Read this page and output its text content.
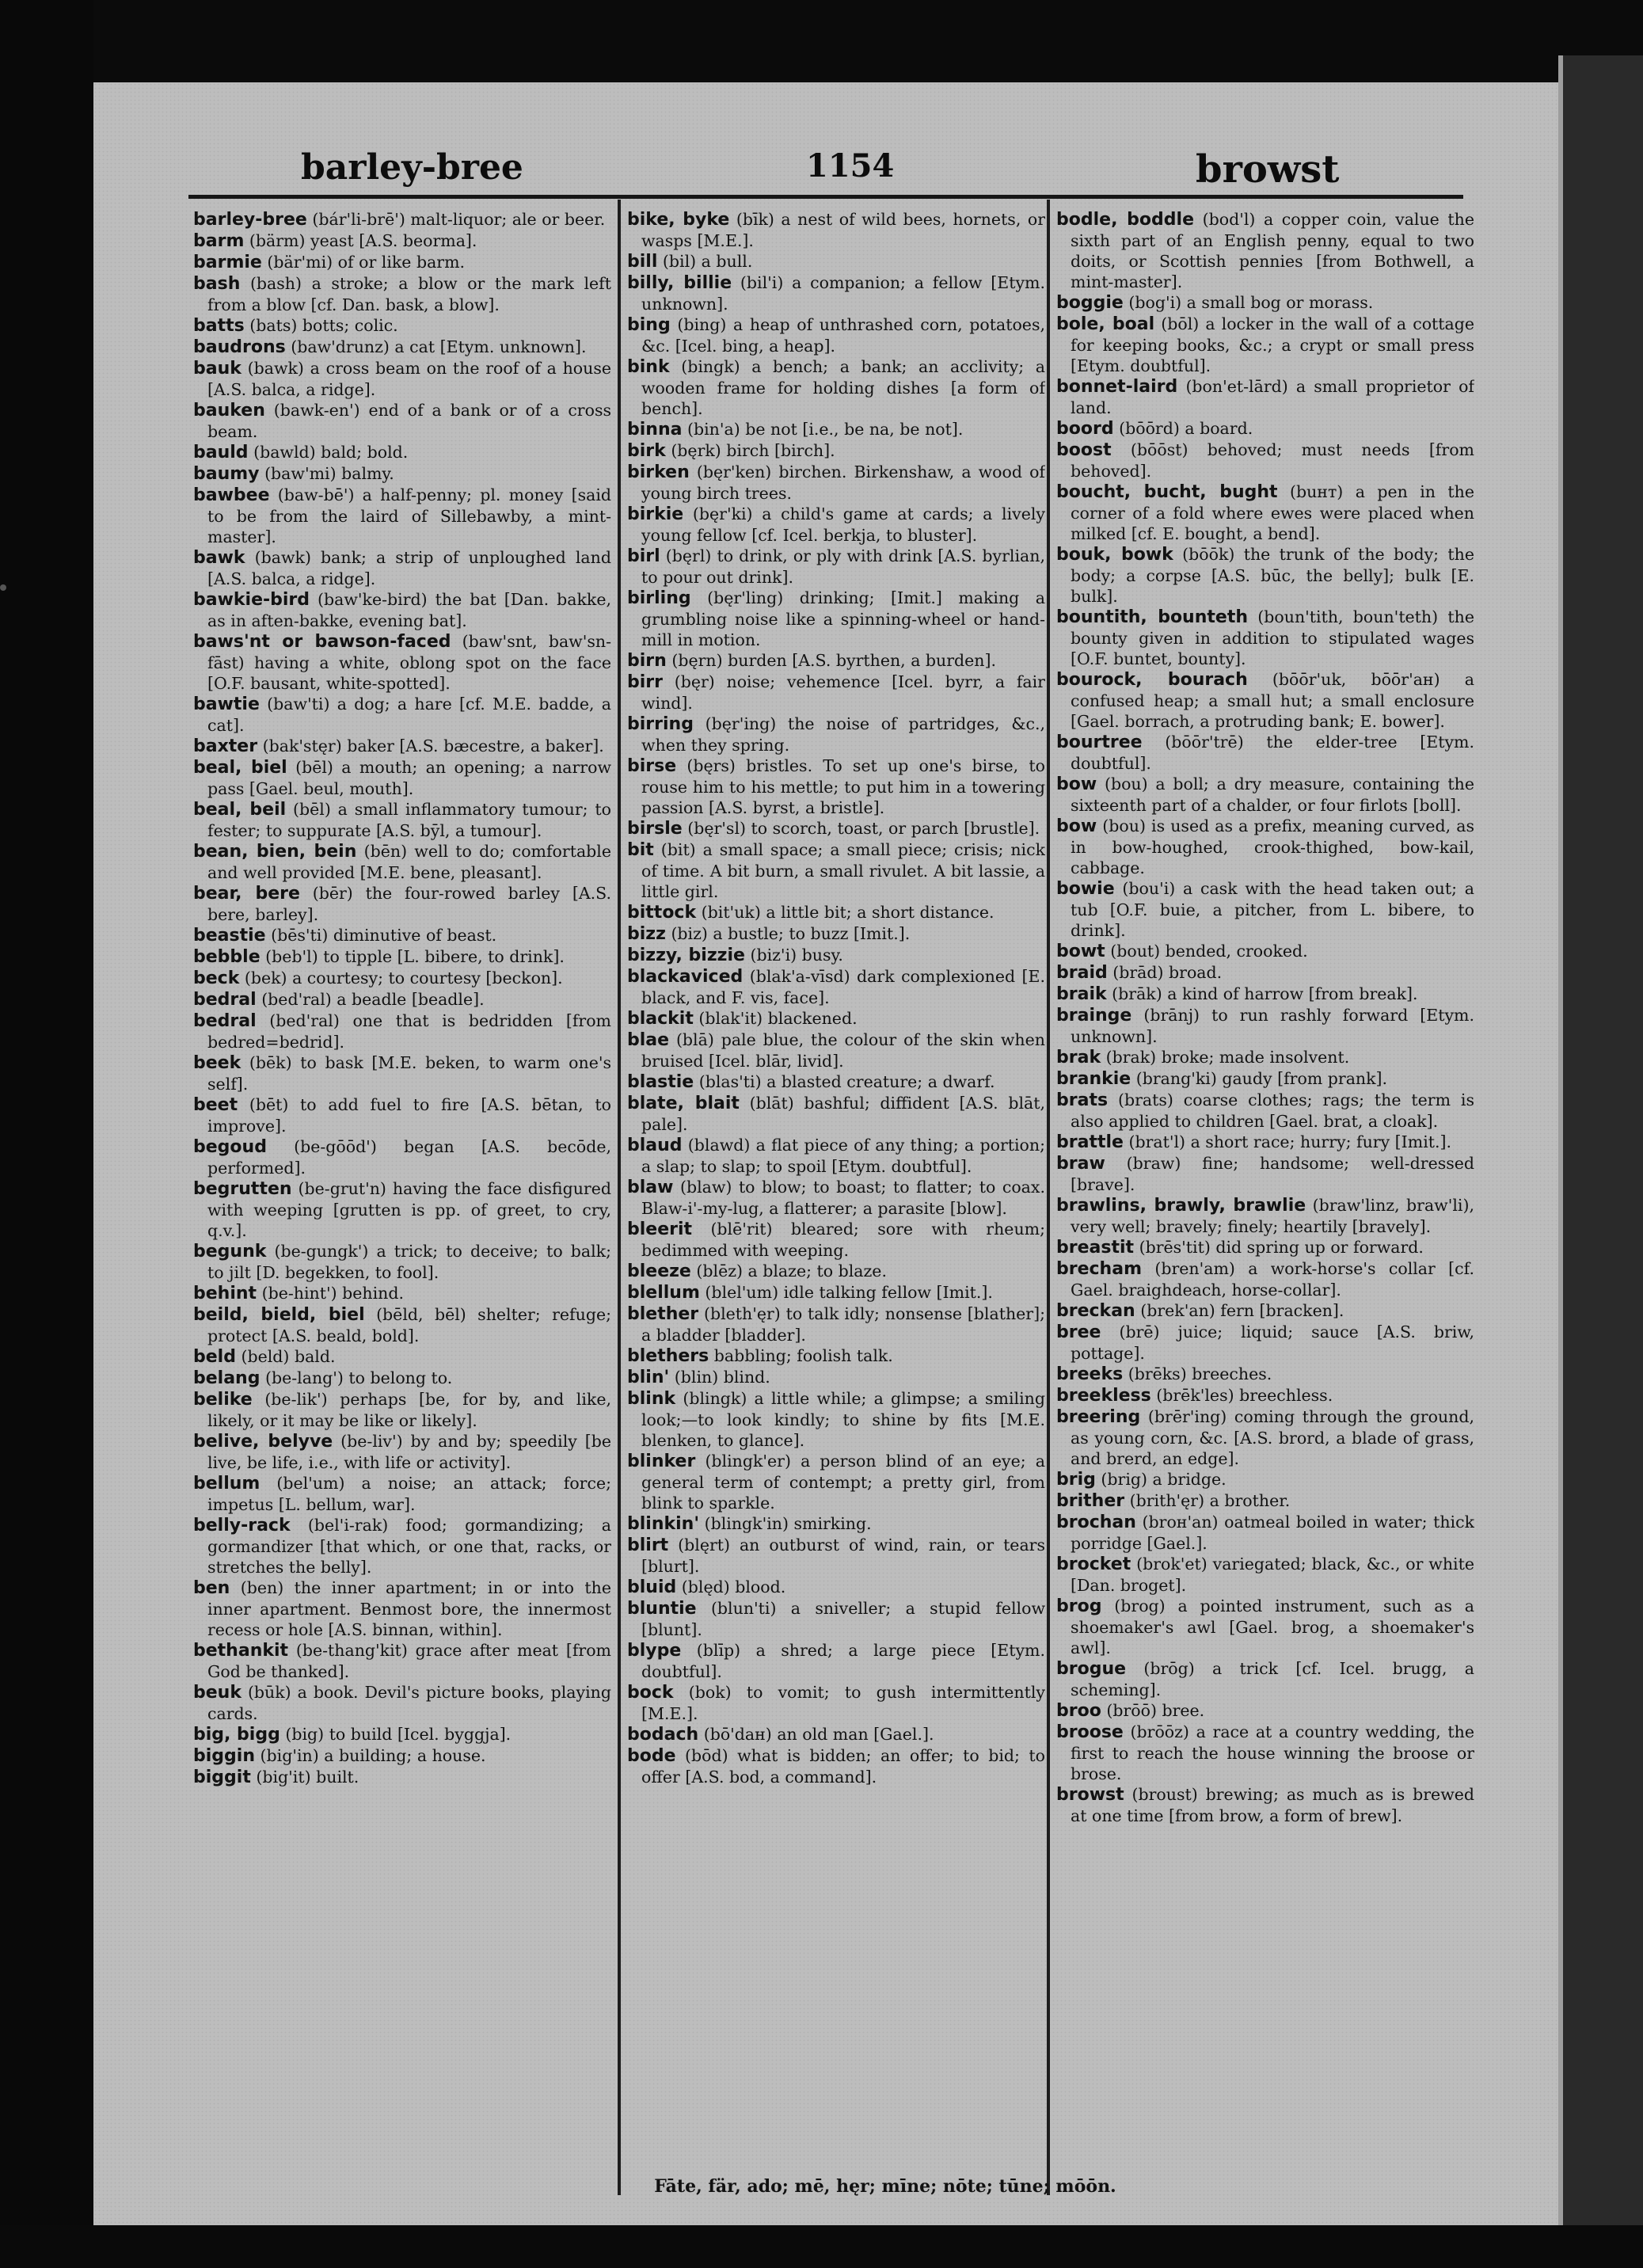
barley-bree	1154	browst

barley-bree (bár'li-brē') malt-liquor; ale or beer.

barm (bärm) yeast [A.S. beorma].

barmie (bär'mi) of or like barm.

bash (bash) a stroke; a blow or the mark left from a blow [cf. Dan. bask, a blow].

batts (bats) botts; colic.

baudrons (baw'drunz) a cat [Etym. unknown].

bauk (bawk) a cross beam on the roof of a house [A.S. balca, a ridge].

bauken (bawk-en') end of a bank or of a cross beam.

bauld (bawld) bald; bold.

baumy (baw'mi) balmy.

bawbee (baw-bē') a half-penny; pl. money [said to be from the laird of Sillebawby, a mint-master].

bawk (bawk) bank; a strip of unploughed land [A.S. balca, a ridge].

bawkie-bird (baw'ke-bird) the bat [Dan. bakke, as in aften-bakke, evening bat].

baws'nt or bawson-faced (baw'snt, baw'sn-fāst) having a white, oblong spot on the face [O.F. bausant, white-spotted].

bawtie (baw'ti) a dog; a hare [cf. M.E. badde, a cat].

baxter (bak'stęr) baker [A.S. bæcestre, a baker].

beal, biel (bēl) a mouth; an opening; a narrow pass [Gael. beul, mouth].

beal, beil (bēl) a small inflammatory tumour; to fester; to suppurate [A.S. bȳl, a tumour].

bean, bien, bein (bēn) well to do; comfortable and well provided [M.E. bene, pleasant].

bear, bere (bēr) the four-rowed barley [A.S. bere, barley].

beastie (bēs'ti) diminutive of beast.

bebble (beb'l) to tipple [L. bibere, to drink].

beck (bek) a courtesy; to courtesy [beckon].

bedral (bed'ral) a beadle [beadle].

bedral (bed'ral) one that is bedridden [from bedred=bedrid].

beek (bēk) to bask [M.E. beken, to warm one's self].

beet (bēt) to add fuel to fire [A.S. bētan, to improve].

begoud (be-gōōd') began [A.S. becōde, performed].

begrutten (be-grut'n) having the face disfigured with weeping [grutten is pp. of greet, to cry, q.v.].

begunk (be-gungk') a trick; to deceive; to balk; to jilt [D. begekken, to fool].

behint (be-hint') behind.

beild, bield, biel (bēld, bēl) shelter; refuge; protect [A.S. beald, bold].

beld (beld) bald.

belang (be-lang') to belong to.

belike (be-lik') perhaps [be, for by, and like, likely, or it may be like or likely].

belive, belyve (be-liv') by and by; speedily [be live, be life, i.e., with life or activity].

bellum (bel'um) a noise; an attack; force; impetus [L. bellum, war].

belly-rack (bel'i-rak) food; gormandizing; a gormandizer [that which, or one that, racks, or stretches the belly].

ben (ben) the inner apartment; in or into the inner apartment. Benmost bore, the innermost recess or hole [A.S. binnan, within].

bethankit (be-thang'kit) grace after meat [from God be thanked].

beuk (būk) a book. Devil's picture books, playing cards.

big, bigg (big) to build [Icel. byggja].

biggin (big'in) a building; a house.

biggit (big'it) built.

bike, byke (bīk) a nest of wild bees, hornets, or wasps [M.E.].

bill (bil) a bull.

billy, billie (bil'i) a companion; a fellow [Etym. unknown].

bing (bing) a heap of unthrashed corn, potatoes, &c. [Icel. bing, a heap].

bink (bingk) a bench; a bank; an acclivity; a wooden frame for holding dishes [a form of bench].

binna (bin'a) be not [i.e., be na, be not].

birk (bęrk) birch [birch].

birken (bęr'ken) birchen. Birkenshaw, a wood of young birch trees.

birkie (bęr'ki) a child's game at cards; a lively young fellow [cf. Icel. berkja, to bluster].

birl (bęrl) to drink, or ply with drink [A.S. byrlian, to pour out drink].

birling (bęr'ling) drinking; [Imit.] making a grumbling noise like a spinning-wheel or hand-mill in motion.

birn (bęrn) burden [A.S. byrthen, a burden].

birr (bęr) noise; vehemence [Icel. byrr, a fair wind].

birring (bęr'ing) the noise of partridges, &c., when they spring.

birse (bęrs) bristles. To set up one's birse, to rouse him to his mettle; to put him in a towering passion [A.S. byrst, a bristle].

birsle (bęr'sl) to scorch, toast, or parch [brustle].

bit (bit) a small space; a small piece; crisis; nick of time. A bit burn, a small rivulet. A bit lassie, a little girl.

bittock (bit'uk) a little bit; a short distance.

bizz (biz) a bustle; to buzz [Imit.].

bizzy, bizzie (biz'i) busy.

blackaviced (blak'a-vīsd) dark complexioned [E. black, and F. vis, face].

blackit (blak'it) blackened.

blae (blā) pale blue, the colour of the skin when bruised [Icel. blār, livid].

blastie (blas'ti) a blasted creature; a dwarf.

blate, blait (blāt) bashful; diffident [A.S. blāt, pale].

blaud (blawd) a flat piece of any thing; a portion; a slap; to slap; to spoil [Etym. doubtful].

blaw (blaw) to blow; to boast; to flatter; to coax. Blaw-i'-my-lug, a flatterer; a parasite [blow].

bleerit (blē'rit) bleared; sore with rheum; bedimmed with weeping.

bleeze (blēz) a blaze; to blaze.

blellum (blel'um) idle talking fellow [Imit.].

blether (bleth'ęr) to talk idly; nonsense [blather]; a bladder [bladder].

blethers babbling; foolish talk.

blin' (blin) blind.

blink (blingk) a little while; a glimpse; a smiling look;—to look kindly; to shine by fits [M.E. blenken, to glance].

blinker (blingk'er) a person blind of an eye; a general term of contempt; a pretty girl, from blink to sparkle.

blinkin' (blingk'in) smirking.

blirt (blęrt) an outburst of wind, rain, or tears [blurt].

bluid (blęd) blood.

bluntie (blun'ti) a sniveller; a stupid fellow [blunt].

blype (blīp) a shred; a large piece [Etym. doubtful].

bock (bok) to vomit; to gush intermittently [M.E.].

bodach (bō'daн) an old man [Gael.].

bode (bōd) what is bidden; an offer; to bid; to offer [A.S. bod, a command].

bodle, boddle (bod'l) a copper coin, value the sixth part of an English penny, equal to two doits, or Scottish pennies [from Bothwell, a mint-master].

boggie (bog'i) a small bog or morass.

bole, boal (bōl) a locker in the wall of a cottage for keeping books, &c.; a crypt or small press [Etym. doubtful].

bonnet-laird (bon'et-lārd) a small proprietor of land.

boord (bōōrd) a board.

boost (bōōst) behoved; must needs [from behoved].

boucht, bucht, bught (buнт) a pen in the corner of a fold where ewes were placed when milked [cf. E. bought, a bend].

bouk, bowk (bōōk) the trunk of the body; the body; a corpse [A.S. būc, the belly]; bulk [E. bulk].

bountith, bounteth (boun'tith, boun'teth) the bounty given in addition to stipulated wages [O.F. buntet, bounty].

bourock, bourach (bōōr'uk, bōōr'aн) a confused heap; a small hut; a small enclosure [Gael. borrach, a protruding bank; E. bower].

bourtree (bōōr'trē) the elder-tree [Etym. doubtful].

bow (bou) a boll; a dry measure, containing the sixteenth part of a chalder, or four firlots [boll].

bow (bou) is used as a prefix, meaning curved, as in bow-houghed, crook-thighed, bow-kail, cabbage.

bowie (bou'i) a cask with the head taken out; a tub [O.F. buie, a pitcher, from L. bibere, to drink].

bowt (bout) bended, crooked.

braid (brād) broad.

braik (brāk) a kind of harrow [from break].

brainge (brānj) to run rashly forward [Etym. unknown].

brak (brak) broke; made insolvent.

brankie (brang'ki) gaudy [from prank].

brats (brats) coarse clothes; rags; the term is also applied to children [Gael. brat, a cloak].

brattle (brat'l) a short race; hurry; fury [Imit.].

braw (braw) fine; handsome; well-dressed [brave].

brawlins, brawly, brawlie (braw'linz, braw'li), very well; bravely; finely; heartily [bravely].

breastit (brēs'tit) did spring up or forward.

brecham (bren'am) a work-horse's collar [cf. Gael. braighdeach, horse-collar].

breckan (brek'an) fern [bracken].

bree (brē) juice; liquid; sauce [A.S. briw, pottage].

breeks (brēks) breeches.

breekless (brēk'les) breechless.

breering (brēr'ing) coming through the ground, as young corn, &c. [A.S. brord, a blade of grass, and brerd, an edge].

brig (brig) a bridge.

brither (brith'ęr) a brother.

brochan (broн'an) oatmeal boiled in water; thick porridge [Gael.].

brocket (brok'et) variegated; black, &c., or white [Dan. broget].

brog (brog) a pointed instrument, such as a shoemaker's awl [Gael. brog, a shoemaker's awl].

brogue (brōg) a trick [cf. Icel. brugg, a scheming].

broo (brōō) bree.

broose (brōōz) a race at a country wedding, the first to reach the house winning the broose or brose.

browst (broust) brewing; as much as is brewed at one time [from brow, a form of brew].

Fāte, fär, ado; mē, hęr; mīne; nōte; tūne; mōōn.
